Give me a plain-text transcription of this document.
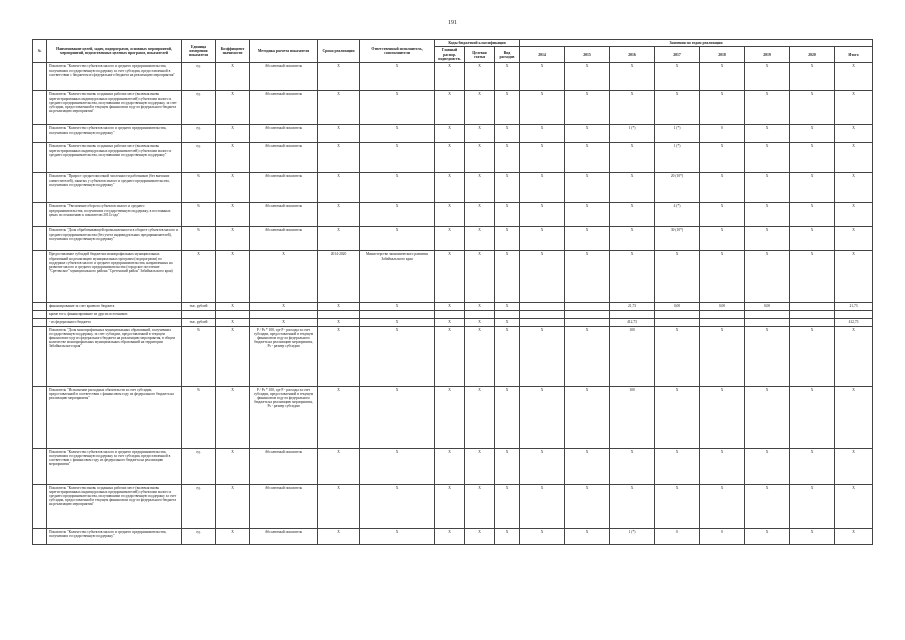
191
№	Наименование целей, задач, подпрограмм, основных мероприятий, мероприятий, ведомственных целевых программ, показателей	Единица измерения показателя	Коэффициент значимости	Методика расчета показателя	Сроки реализации	Ответственный исполнитель, соисполнители	Коды бюджетной классификации			Значения по годам реализации							
							Главный распор. подведомств.	Целевая статья	Вид расходов	2014	2015	2016	2017	2018	2019	2020	Итого
	Показатель "Количество субъектов малого и среднего предпринимательства, получивших государственную поддержку за счет субсидии, предоставленной в соответствии с бюджетом из федерального бюджета на реализацию мероприятия"	ед.	X	Абсолютный показатель	X	X	X	X	X	X	X	X	X	X	X	X	X
	Показатель "Количество вновь созданных рабочих мест (включая вновь зарегистрированных индивидуальных предпринимателей) субъектами малого и среднего предпринимательства, получившими государственную поддержку, за счет субсидии, предоставленной в текущем финансовом году из федерального бюджета на реализацию мероприятия"	ед.	X	Абсолютный показатель	X	X	X	X	X	X	X	X	X	X	X	X	X
	Показатель "Количество субъектов малого и среднего предпринимательства, получивших государственную поддержку"	ед.	X	Абсолютный показатель	X	X	X	X	X	X	X	1 (*)	1 (*)	0	X	X	X
	Показатель "Количество вновь созданных рабочих мест (включая вновь зарегистрированных индивидуальных предпринимателей) субъектами малого и среднего предпринимательства, получившими государственную поддержку"	ед.	X	Абсолютный показатель	X	X	X	X	X	X	X	X	1 (*)	X	X	X	X
	Показатель "Прирост среднесписочной численности работников (без внешних совместителей), занятых у субъектов малого и среднего предпринимательства, получивших государственную поддержку"	%	X	Абсолютный показатель	X	X	X	X	X	X	X	X	20 (10*)	X	X	X	X
	Показатель "Увеличение оборота субъектов малого и среднего предпринимательства, получивших государственную поддержку, в постоянных ценах по отношению к показателю 2014 года"	%	X	Абсолютный показатель	X	X	X	X	X	X	X	X	4 (*)	X	X	X	X
	Показатель "Доля обрабатывающей промышленности в обороте субъектов малого и среднего предпринимательства (без учета индивидуальных предпринимателей), получивших государственную поддержку"	%	X	Абсолютный показатель	X	X	X	X	X	X	X	X	30 (10*)	X	X	X	X
	Предоставление субсидий бюджетам монопрофильных муниципальных образований на реализацию муниципальных программ (подпрограмм) по поддержке субъектов малого и среднего предпринимательства, направленных на развитие малого и среднего предпринимательства (городское поселение "Сретенское" муниципального района "Сретенский район" Забайкальского края)	X	X	X	2014-2020	Министерство экономического развития Забайкальского края	X	X	X	X	X	X	X	X	X	X	X
	финансирование за счет краевого бюджета	тыс. рублей	X	X	X	X	X	X	X			21,73	0,00	0,00	0,00		21,73
	кроме того, финансирование из других источников:																
	- из федерального бюджета	тыс. рублей	X	X	X	X	X	X	X			412,73					412,73
	Показатель "Доля монопрофильных муниципальных образований, получивших государственную поддержку, за счет субсидии, предоставленной в текущем финансовом году из федерального бюджета на реализацию мероприятия, в общем количестве монопрофильных муниципальных образований на территории Забайкальского края"	%	X	P / Ps * 100, где P - расходы за счет субсидии, предоставленной в текущем финансовом году из федерального бюджета на реализацию мероприятия, Ps - размер субсидии	X	X	X	X	X	X	X	100	X	X	X	X	X
	Показатель "Исполнение расходных обязательств за счет субсидии, предоставленной в соответствии с финансовом году из федерального бюджета на реализацию мероприятия"	%	X	P / Ps * 100, где P - расходы за счет субсидии, предоставленной в текущем финансовом году из федерального бюджета на реализацию мероприятия, Ps - размер субсидии	X	X	X	X	X	X	X	100	X	X	X	X	X
	Показатель "Количество субъектов малого и среднего предпринимательства, получивших государственную поддержку за счет субсидии, предоставленной в соответствии с финансовом году из федерального бюджета на реализацию мероприятия"	ед.	X	Абсолютный показатель	X	X	X	X	X	X	X	X	X	X	X	X	X
	Показатель "Количество вновь созданных рабочих мест (включая вновь зарегистрированных индивидуальных предпринимателей) субъектами малого и среднего предпринимательства, получившими государственную поддержку за счет субсидии, предоставленной в текущем финансовом году из федерального бюджета на реализацию мероприятия"	ед.	X	Абсолютный показатель	X	X	X	X	X	X	X	X	X	X	X	X	X
	Показатель "Количество субъектов малого и среднего предпринимательства, получивших государственную поддержку"	ед.	X	Абсолютный показатель	X	X	X	X	X	X	X	1 (*)	0	0	X	X	X
